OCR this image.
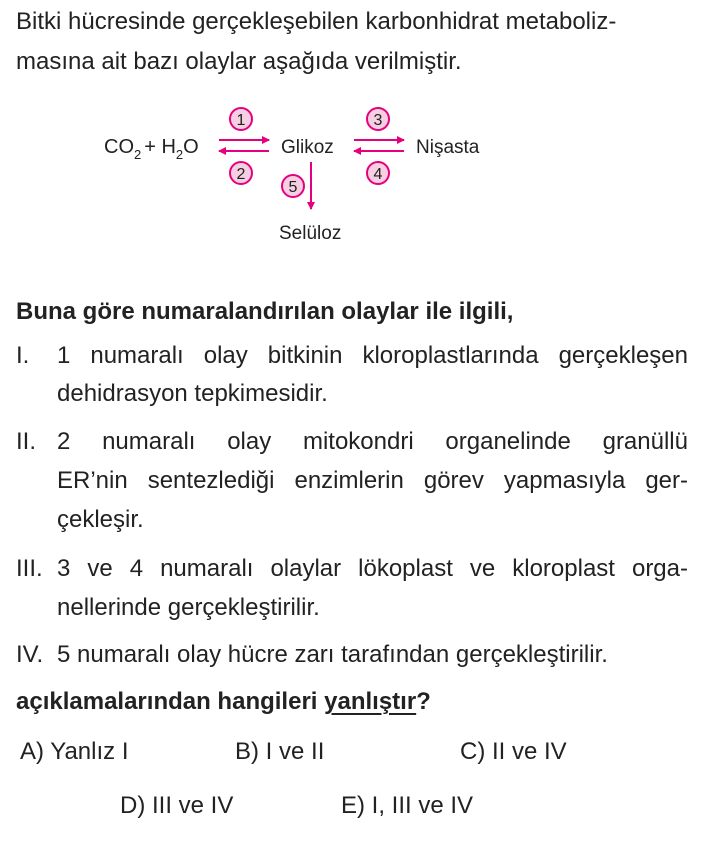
Bitki hücresinde gerçekleşebilen karbonhidrat metaboliz-
masına ait bazı olaylar aşağıda verilmiştir.
$CO_2 + H_2O$
1
2
Glikoz
3
4
Nişasta
5
Selüloz
Buna göre numaralandırılan olaylar ile ilgili,
I. 1 numaralı olay bitkinin kloroplastlarında gerçekleşen
dehidrasyon tepkimesidir.
II. 2 numaralı olay mitokondri organelinde granüllü
ER’nin sentezlediği enzimlerin görev yapmasıyla ger-
çekleşir.
III. 3 ve 4 numaralı olaylar lökoplast ve kloroplast orga-
nellerinde gerçekleştirilir.
IV. 5 numaralı olay hücre zarı tarafından gerçekleştirilir.
açıklamalarından hangileri yanlıştır?
A) Yanlız I	B) I ve II	C) II ve IV
D) III ve IV	E) I, III ve IV
